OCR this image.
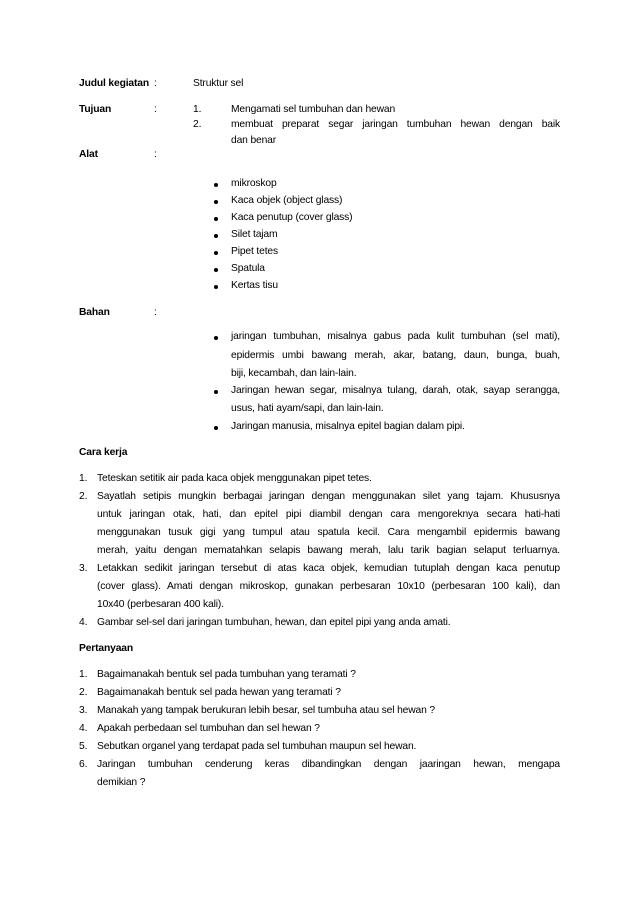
Judul kegiatan :	Struktur sel
Tujuan	:	1.	Mengamati sel tumbuhan dan hewan
2.	membuat preparat segar jaringan tumbuhan hewan dengan baik
dan benar
Alat	:
mikroskop
Kaca objek (object glass)
Kaca penutup (cover glass)
Silet tajam
Pipet tetes
Spatula
Kertas tisu
Bahan	:
jaringan tumbuhan, misalnya gabus pada kulit tumbuhan (sel mati),
epidermis umbi bawang merah, akar, batang, daun, bunga, buah,
biji, kecambah, dan lain-lain.
Jaringan hewan segar, misalnya tulang, darah, otak, sayap serangga,
usus, hati ayam/sapi, dan lain-lain.
Jaringan manusia, misalnya epitel bagian dalam pipi.
Cara kerja
1. Teteskan setitik air pada kaca objek menggunakan pipet tetes.
2. Sayatlah setipis mungkin berbagai jaringan dengan menggunakan silet yang tajam. Khususnya
untuk jaringan otak, hati, dan epitel pipi diambil dengan cara mengoreknya secara hati-hati
menggunakan tusuk gigi yang tumpul atau spatula kecil. Cara mengambil epidermis bawang
merah, yaitu dengan mematahkan selapis bawang merah, lalu tarik bagian selaput terluarnya.
3. Letakkan sedikit jaringan tersebut di atas kaca objek, kemudian tutuplah dengan kaca penutup
(cover glass). Amati dengan mikroskop, gunakan perbesaran 10x10 (perbesaran 100 kali), dan
10x40 (perbesaran 400 kali).
4. Gambar sel-sel dari jaringan tumbuhan, hewan, dan epitel pipi yang anda amati.
Pertanyaan
1. Bagaimanakah bentuk sel pada tumbuhan yang teramati ?
2. Bagaimanakah bentuk sel pada hewan yang teramati ?
3. Manakah yang tampak berukuran lebih besar, sel tumbuha atau sel hewan ?
4. Apakah perbedaan sel tumbuhan dan sel hewan ?
5. Sebutkan organel yang terdapat pada sel tumbuhan maupun sel hewan.
6. Jaringan tumbuhan cenderung keras dibandingkan dengan jaaringan hewan, mengapa
demikian ?
